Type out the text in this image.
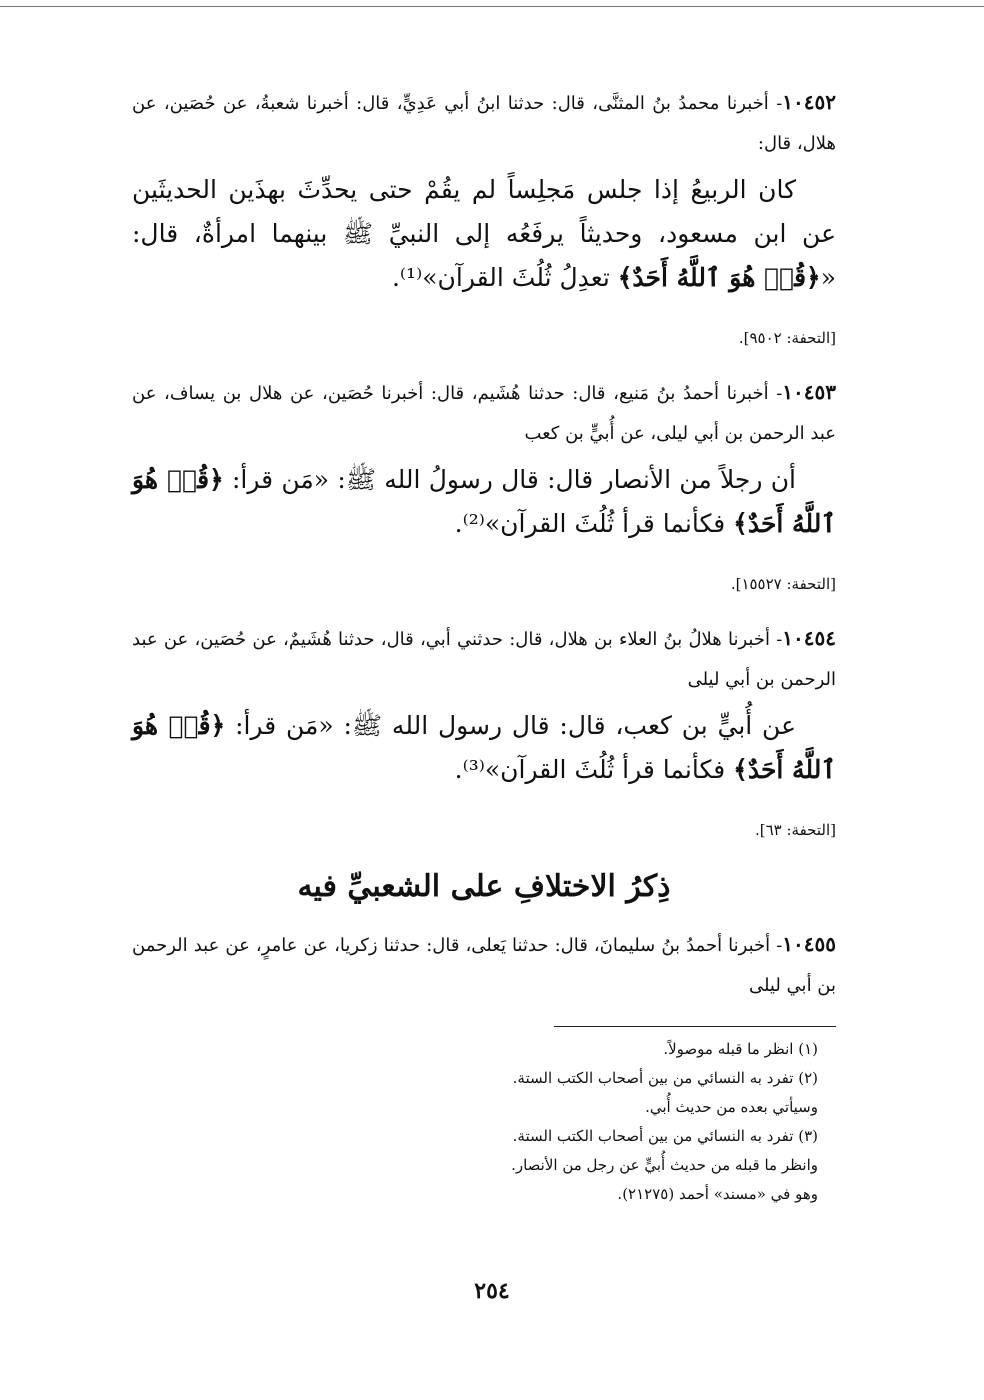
١٠٤٥٢- أخبرنا محمدُ بنُ المثنَّى، قال: حدثنا ابنُ أبي عَدِيٍّ، قال: أخبرنا شعبةُ، عن حُصَين، عن هلال، قال:

كان الربيعُ إذا جلس مَجلِساً لم يقُمْ حتى يحدِّثَ بهذَين الحديثَين عن ابن مسعود، وحديثاً يرفَعُه إلى النبيِّ ﷺ بينهما امرأةٌ، قال: «﴿قُلۡ هُوَ ٱللَّهُ أَحَدٌ﴾ تعدِلُ ثُلُثَ القرآن»⁽¹⁾.

[التحفة: ٩٥٠٢].

١٠٤٥٣- أخبرنا أحمدُ بنُ مَنيع، قال: حدثنا هُشَيم، قال: أخبرنا حُصَين، عن هلال بن يساف، عن عبد الرحمن بن أبي ليلى، عن أُبيٍّ بن كعب

أن رجلاً من الأنصار قال: قال رسولُ الله ﷺ: «مَن قرأ: ﴿قُلۡ هُوَ ٱللَّهُ أَحَدٌ﴾ فكأنما قرأ ثُلُثَ القرآن»⁽²⁾.

[التحفة: ١٥٥٢٧].

١٠٤٥٤- أخبرنا هلالُ بنُ العلاء بن هلال، قال: حدثني أبي، قال، حدثنا هُشَيمٌ، عن حُصَين، عن عبد الرحمن بن أبي ليلى

عن أُبيٍّ بن كعب، قال: قال رسول الله ﷺ: «مَن قرأ: ﴿قُلۡ هُوَ ٱللَّهُ أَحَدٌ﴾ فكأنما قرأ ثُلُثَ القرآن»⁽³⁾.

[التحفة: ٦٣].
ذِكرُ الاختلافِ على الشعبيِّ فيه

١٠٤٥٥- أخبرنا أحمدُ بنُ سليمانَ، قال: حدثنا يَعلى، قال: حدثنا زكريا، عن عامرٍ، عن عبد الرحمن بن أبي ليلى

(١) انظر ما قبله موصولاً.
(٢) تفرد به النسائي من بين أصحاب الكتب الستة.
وسيأتي بعده من حديث أُبي.
(٣) تفرد به النسائي من بين أصحاب الكتب الستة.
وانظر ما قبله من حديث أُبيٍّ عن رجل من الأنصار.
وهو في «مسند» أحمد (٢١٢٧٥).
٢٥٤
